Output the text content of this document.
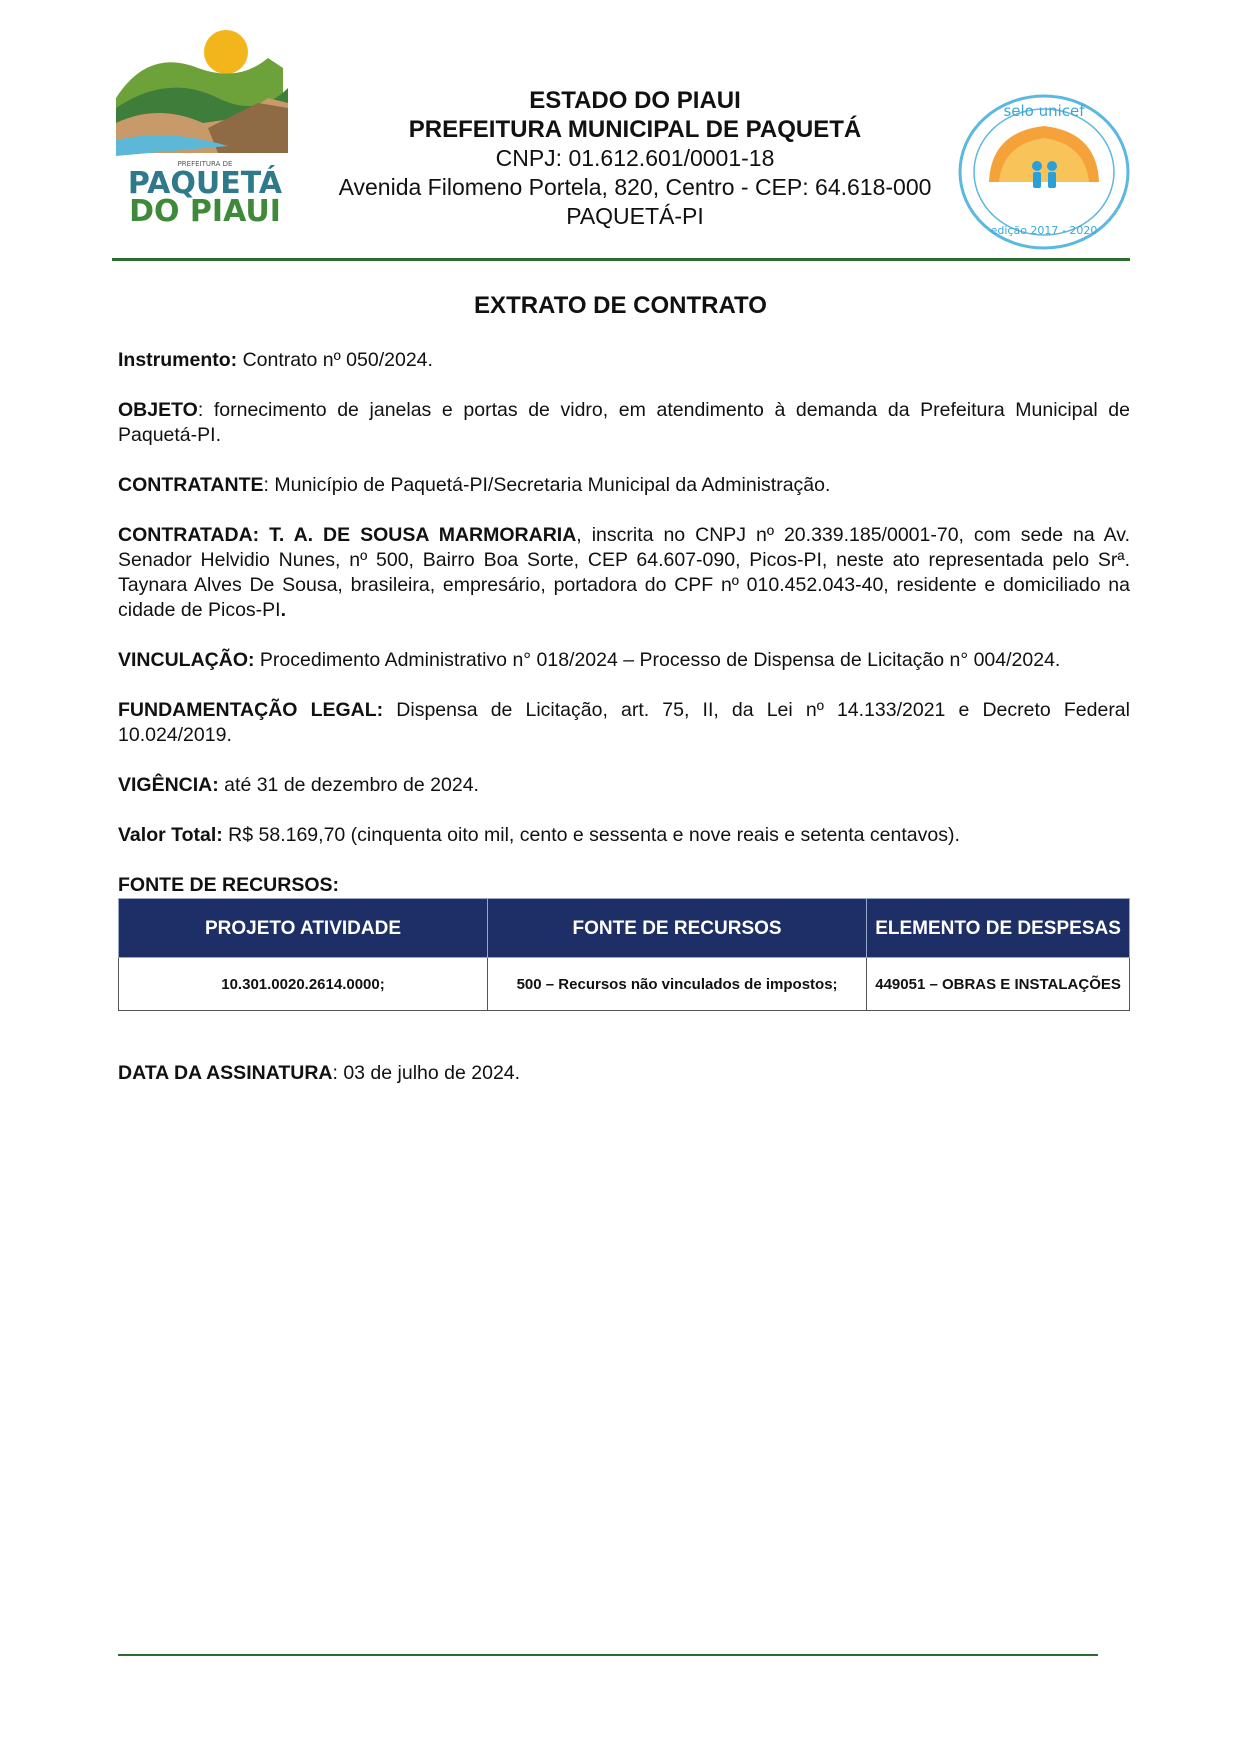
PREFEITURA DE
PAQUETÁ
DO PIAUI
selo unicef
edição 2017 - 2020
ESTADO DO PIAUI
PREFEITURA MUNICIPAL DE PAQUETÁ
CNPJ: 01.612.601/0001-18
Avenida Filomeno Portela, 820, Centro - CEP: 64.618-000
PAQUETÁ-PI
EXTRATO DE CONTRATO

Instrumento: Contrato nº 050/2024.

OBJETO: fornecimento de janelas e portas de vidro, em atendimento à demanda da Prefeitura Municipal de Paquetá-PI.

CONTRATANTE: Município de Paquetá-PI/Secretaria Municipal da Administração.

CONTRATADA: T. A. DE SOUSA MARMORARIA, inscrita no CNPJ nº 20.339.185/0001-70, com sede na Av. Senador Helvidio Nunes, nº 500, Bairro Boa Sorte, CEP 64.607-090, Picos-PI, neste ato representada pelo Srª. Taynara Alves De Sousa, brasileira, empresário, portadora do CPF nº 010.452.043-40, residente e domiciliado na cidade de Picos-PI.

VINCULAÇÃO: Procedimento Administrativo n° 018/2024 – Processo de Dispensa de Licitação n° 004/2024.

FUNDAMENTAÇÃO LEGAL: Dispensa de Licitação, art. 75, II, da Lei nº 14.133/2021 e Decreto Federal 10.024/2019.

VIGÊNCIA: até 31 de dezembro de 2024.

Valor Total: R$ 58.169,70 (cinquenta oito mil, cento e sessenta e nove reais e setenta centavos).

FONTE DE RECURSOS:

PROJETO ATIVIDADE	FONTE DE RECURSOS	ELEMENTO DE DESPESAS
10.301.0020.2614.0000;	500 – Recursos não vinculados de impostos;	449051 – OBRAS E INSTALAÇÕES

DATA DA ASSINATURA: 03 de julho de 2024.
